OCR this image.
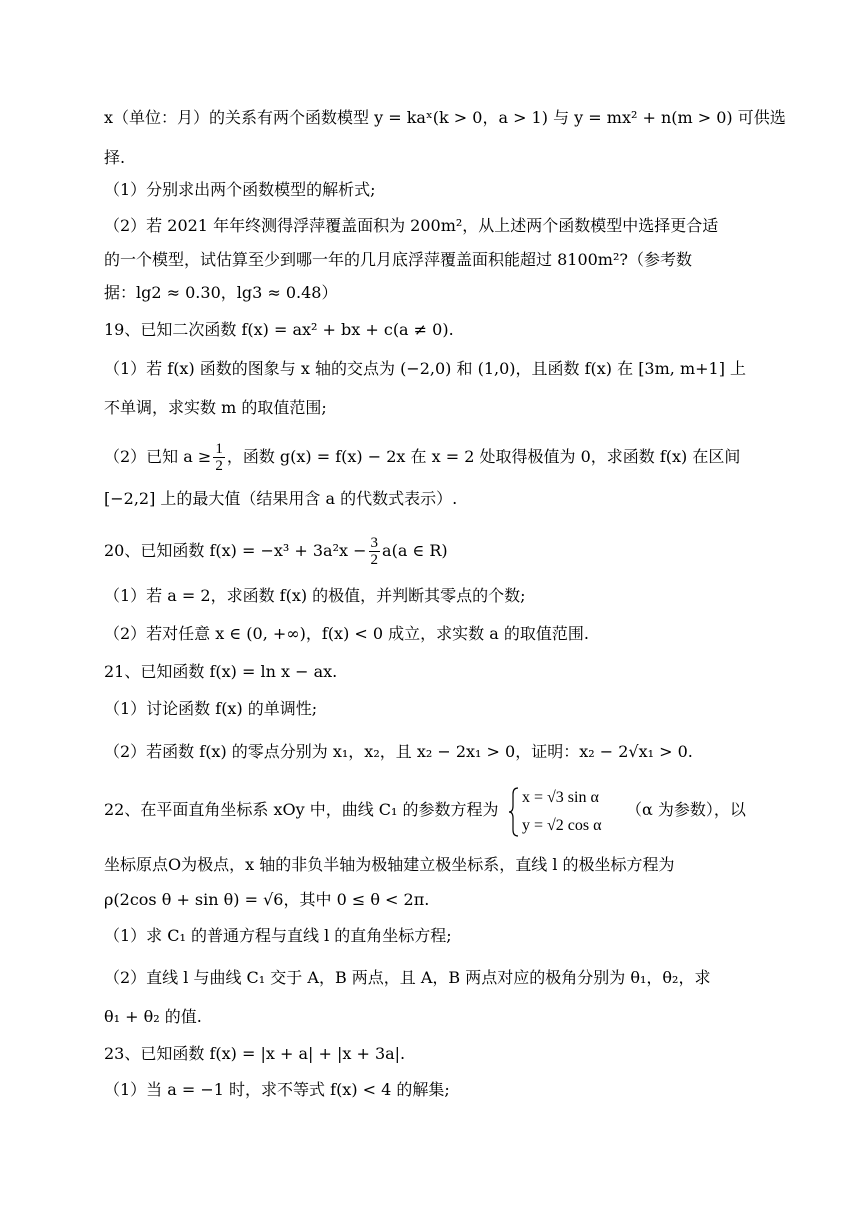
x（单位：月）的关系有两个函数模型 y = kaˣ(k > 0，a > 1) 与 y = mx² + n(m > 0) 可供选
择.
（1）分别求出两个函数模型的解析式;
（2）若 2021 年年终测得浮萍覆盖面积为 200m²，从上述两个函数模型中选择更合适
的一个模型，试估算至少到哪一年的几月底浮萍覆盖面积能超过 8100m²?（参考数
据：lg2 ≈ 0.30，lg3 ≈ 0.48）
19、已知二次函数 f(x) = ax² + bx + c(a ≠ 0).
（1）若 f(x) 函数的图象与 x 轴的交点为 (−2,0) 和 (1,0)，且函数 f(x) 在 [3m, m+1] 上
不单调，求实数 m 的取值范围;
（2）已知 $a \ge \frac{1}{2}$ ，函数 g(x) = f(x) − 2x 在 x = 2 处取得极值为 0，求函数 f(x) 在区间
[−2,2] 上的最大值（结果用含 a 的代数式表示）.
20、已知函数 $f(x) = -x^3 + 3a^2x - \frac{3}{2} a(a$ ∈ R)
（1）若 a = 2，求函数 f(x) 的极值，并判断其零点的个数;
（2）若对任意 x ∈ (0, +∞)，f(x) < 0 成立，求实数 a 的取值范围.
21、已知函数 f(x) = ln x − ax.
（1）讨论函数 f(x) 的单调性;
（2）若函数 f(x) 的零点分别为 x₁，x₂，且 x₂ − 2x₁ > 0，证明：x₂ − 2√x₁ > 0.
22、在平面直角坐标系 xOy 中，曲线 C₁ 的参数方程为
x = √3 sin α
y = √2 cos α
（α 为参数），以
坐标原点O为极点，x 轴的非负半轴为极轴建立极坐标系，直线 l 的极坐标方程为
ρ(2cos θ + sin θ) = √6，其中 0 ≤ θ < 2π.
（1）求 C₁ 的普通方程与直线 l 的直角坐标方程;
（2）直线 l 与曲线 C₁ 交于 A，B 两点，且 A，B 两点对应的极角分别为 θ₁，θ₂，求
θ₁ + θ₂ 的值.
23、已知函数 f(x) = |x + a| + |x + 3a|.
（1）当 a = −1 时，求不等式 f(x) < 4 的解集;
